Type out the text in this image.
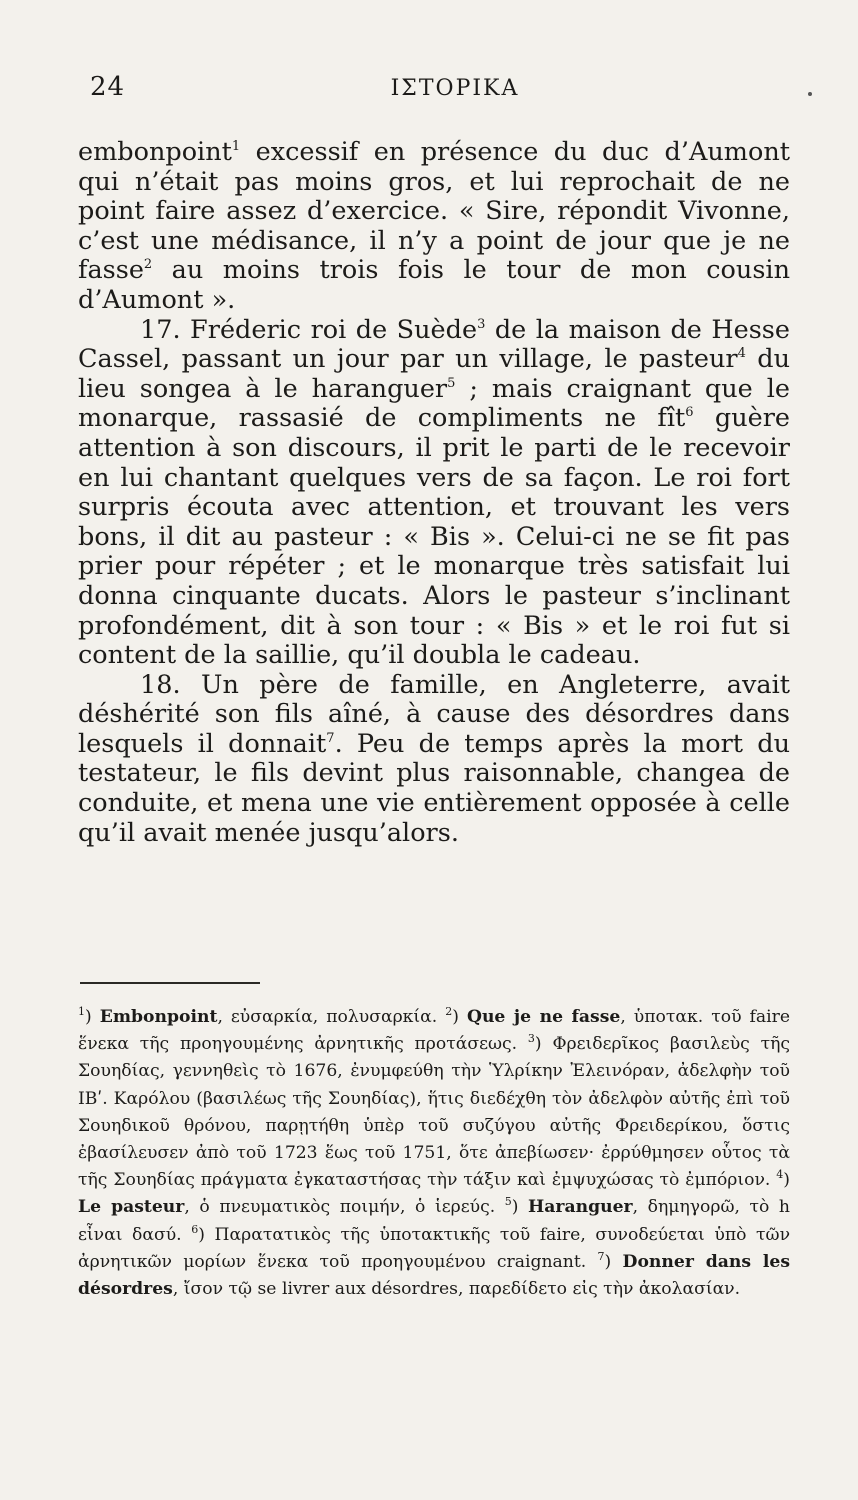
24	ΙΣΤΟΡΙΚΑ

embonpoint$^1$ excessif en présence du duc d’Aumont qui n’était pas moins gros, et lui reprochait de ne point faire assez d’exercice. « Sire, répondit Vivonne, c’est une médisance, il n’y a point de jour que je ne fasse$^2$ au moins trois fois le tour de mon cousin d’Aumont ».

17. Fréderic roi de Suède$^3$ de la maison de Hesse Cassel, passant un jour par un village, le pasteur$^4$ du lieu songea à le haranguer$^5$ ; mais craignant que le monarque, rassasié de compliments ne fît$^6$ guère attention à son discours, il prit le parti de le recevoir en lui chantant quelques vers de sa façon. Le roi fort surpris écouta avec attention, et trouvant les vers bons, il dit au pasteur : « Bis ». Celui-ci ne se fit pas prier pour répéter ; et le monarque très satisfait lui donna cinquante ducats. Alors le pasteur s’inclinant profondément, dit à son tour : « Bis » et le roi fut si content de la saillie, qu’il doubla le cadeau.

18. Un père de famille, en Angleterre, avait déshérité son fils aîné, à cause des désordres dans lesquels il donnait$^7$. Peu de temps après la mort du testateur, le fils devint plus raisonnable, changea de conduite, et mena une vie entièrement opposée à celle qu’il avait menée jusqu’alors.

$^1$) Embonpoint, εὐσαρκία, πολυσαρκία. $^2$) Que je ne fasse, ὑποτακ. τοῦ faire ἕνεκα τῆς προηγουμένης ἀρνητικῆς προτάσεως. $^3$) Φρειδερῖκος βασιλεὺς τῆς Σουηδίας, γεννηθεὶς τὸ 1676, ἐνυμφεύθη τὴν Ὑλρίκην Ἐλεινόραν, ἀδελφὴν τοῦ ΙΒʹ. Καρόλου (βασιλέως τῆς Σουηδίας), ἥτις διεδέχθη τὸν ἀδελφὸν αὐτῆς ἐπὶ τοῦ Σουηδικοῦ θρόνου, παρῃτήθη ὑπὲρ τοῦ συζύγου αὐτῆς Φρειδερίκου, ὅστις ἐβασίλευσεν ἀπὸ τοῦ 1723 ἕως τοῦ 1751, ὅτε ἀπεβίωσεν· ἐρρύθμησεν οὗτος τὰ τῆς Σουηδίας πράγματα ἐγκαταστήσας τὴν τάξιν καὶ ἐμψυχώσας τὸ ἐμπόριον. $^4$) Le pasteur, ὁ πνευματικὸς ποιμήν, ὁ ἱερεύς. $^5$) Haranguer, δημηγορῶ, τὸ h εἶναι δασύ. $^6$) Παρατατικὸς τῆς ὑποτακτικῆς τοῦ faire, συνοδεύεται ὑπὸ τῶν ἀρνητικῶν μορίων ἕνεκα τοῦ προηγουμένου craignant. $^7$) Donner dans les désordres, ἴσον τῷ se livrer aux désordres, παρεδίδετο εἰς τὴν ἀκολασίαν.
